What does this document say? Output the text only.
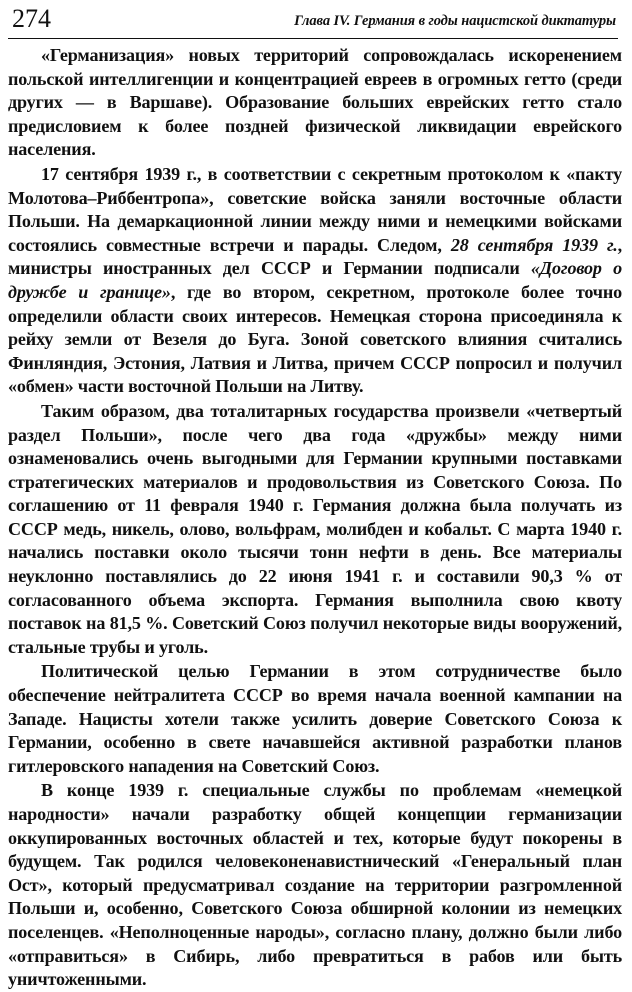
274	Глава IV. Германия в годы нацистской диктатуры

«Германизация» новых территорий сопровождалась искоренением польской интеллигенции и концентрацией евреев в огромных гетто (среди других — в Варшаве). Образование больших еврейских гетто стало предисловием к более поздней физической ликвидации еврейского населения.

17 сентября 1939 г., в соответствии с секретным протоколом к «пакту Молотова–Риббентропа», советские войска заняли восточные области Польши. На демаркационной линии между ними и немецкими войсками состоялись совместные встречи и парады. Следом, 28 сентября 1939 г., министры иностранных дел СССР и Германии подписали «Договор о дружбе и границе», где во втором, секретном, протоколе более точно определили области своих интересов. Немецкая сторона присоединяла к рейху земли от Везеля до Буга. Зоной советского влияния считались Финляндия, Эстония, Латвия и Литва, причем СССР попросил и получил «обмен» части восточной Польши на Литву.

Таким образом, два тоталитарных государства произвели «четвертый раздел Польши», после чего два года «дружбы» между ними ознаменовались очень выгодными для Германии крупными поставками стратегических материалов и продовольствия из Советского Союза. По соглашению от 11 февраля 1940 г. Германия должна была получать из СССР медь, никель, олово, вольфрам, молибден и кобальт. С марта 1940 г. начались поставки около тысячи тонн нефти в день. Все материалы неуклонно поставлялись до 22 июня 1941 г. и составили 90,3 % от согласованного объема экспорта. Германия выполнила свою квоту поставок на 81,5 %. Советский Союз получил некоторые виды вооружений, стальные трубы и уголь.

Политической целью Германии в этом сотрудничестве было обеспечение нейтралитета СССР во время начала военной кампании на Западе. Нацисты хотели также усилить доверие Советского Союза к Германии, особенно в свете начавшейся активной разработки планов гитлеровского нападения на Советский Союз.

В конце 1939 г. специальные службы по проблемам «немецкой народности» начали разработку общей концепции германизации оккупированных восточных областей и тех, которые будут покорены в будущем. Так родился человеконенавистнический «Генеральный план Ост», который предусматривал создание на территории разгромленной Польши и, особенно, Советского Союза обширной колонии из немецких поселенцев. «Неполноценные народы», согласно плану, должно были либо «отправиться» в Сибирь, либо превратиться в рабов или быть уничтоженными.
